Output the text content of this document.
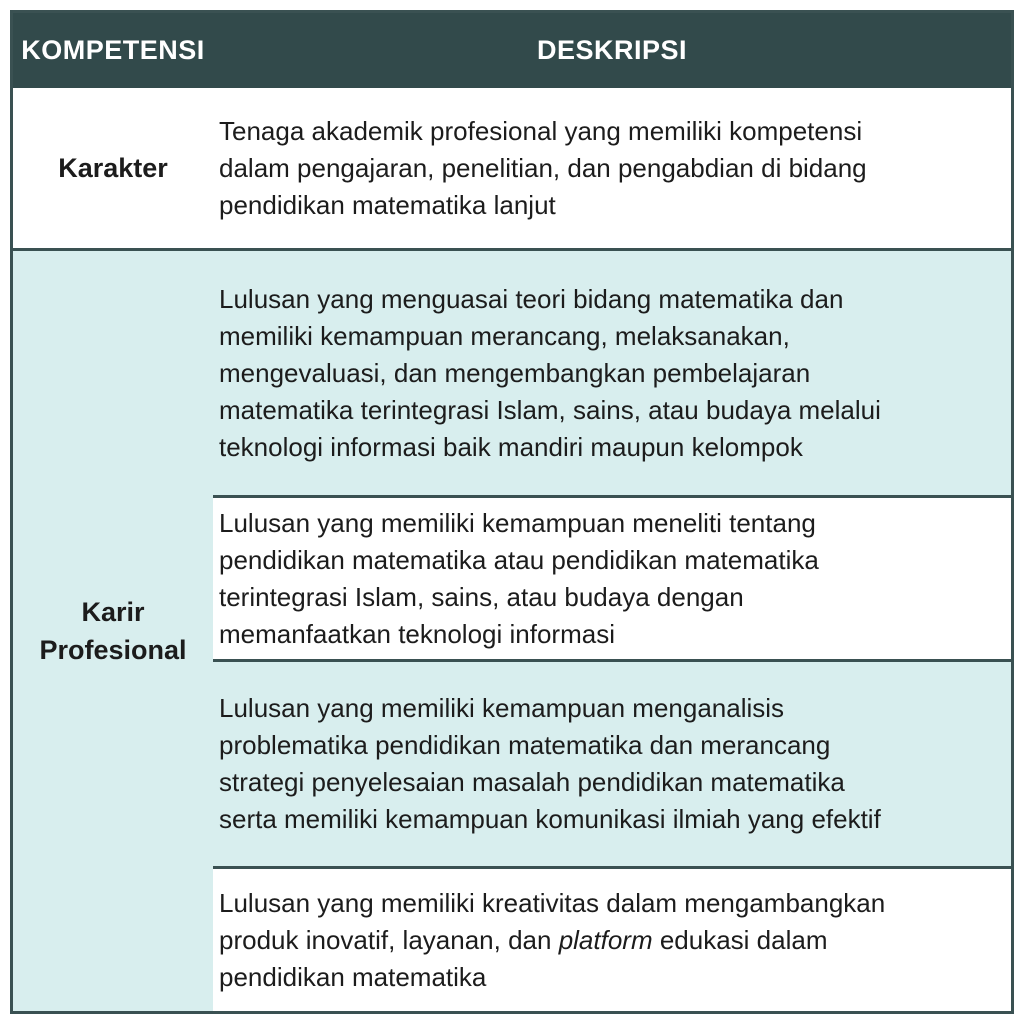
KOMPETENSI	DESKRIPSI
Karakter
Tenaga akademik profesional yang memiliki kompetensi
dalam pengajaran, penelitian, dan pengabdian di bidang
pendidikan matematika lanjut
Karir
Profesional
Lulusan yang menguasai teori bidang matematika dan
memiliki kemampuan merancang, melaksanakan,
mengevaluasi, dan mengembangkan pembelajaran
matematika terintegrasi Islam, sains, atau budaya melalui
teknologi informasi baik mandiri maupun kelompok
Lulusan yang memiliki kemampuan meneliti tentang
pendidikan matematika atau pendidikan matematika
terintegrasi Islam, sains, atau budaya dengan
memanfaatkan teknologi informasi
Lulusan yang memiliki kemampuan menganalisis
problematika pendidikan matematika dan merancang
strategi penyelesaian masalah pendidikan matematika
serta memiliki kemampuan komunikasi ilmiah yang efektif
Lulusan yang memiliki kreativitas dalam mengambangkan
produk inovatif, layanan, dan platform edukasi dalam
pendidikan matematika
